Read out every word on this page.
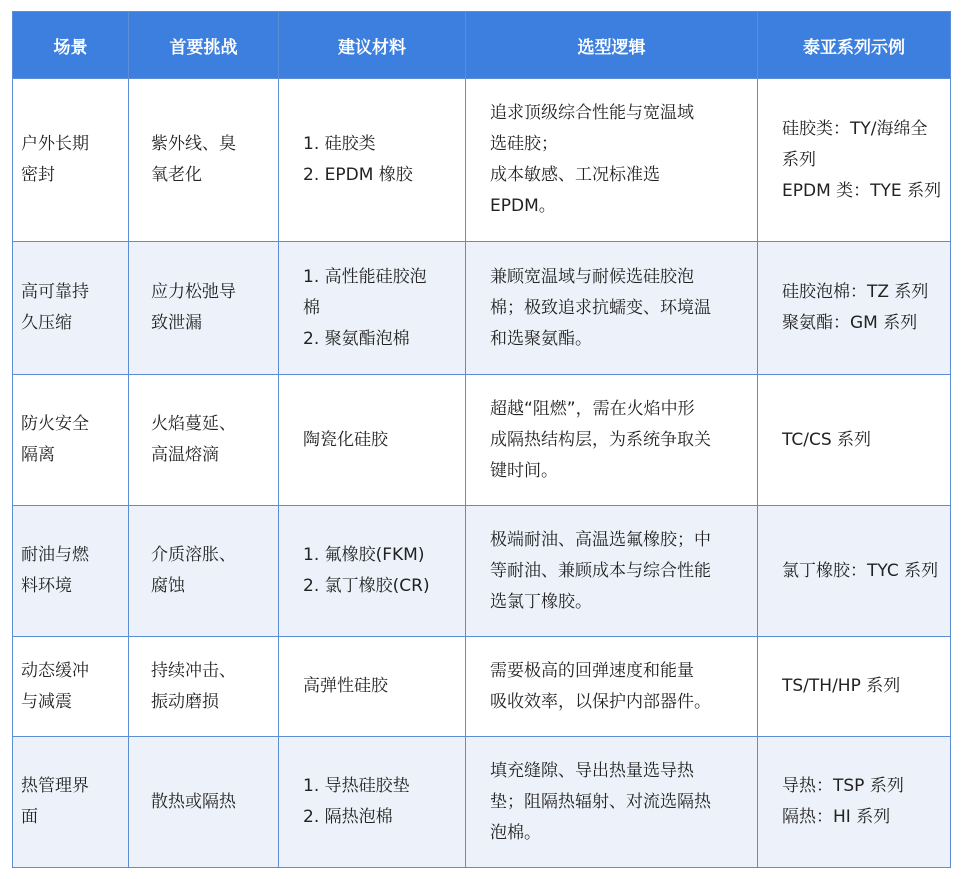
场景	首要挑战	建议材料	选型逻辑	泰亚系列示例

户外长期
密封	紫外线、臭
氧老化	1. 硅胶类
2. EPDM 橡胶	追求顶级综合性能与宽温域
选硅胶；
成本敏感、工况标准选
EPDM。	硅胶类：TY/海绵全
系列
EPDM 类：TYE 系列

高可靠持
久压缩	应力松弛导
致泄漏	1. 高性能硅胶泡
棉
2. 聚氨酯泡棉	兼顾宽温域与耐候选硅胶泡
棉；极致追求抗蠕变、环境温
和选聚氨酯。	硅胶泡棉：TZ 系列
聚氨酯：GM 系列

防火安全
隔离	火焰蔓延、
高温熔滴	陶瓷化硅胶	超越“阻燃”，需在火焰中形
成隔热结构层，为系统争取关
键时间。	TC/CS 系列

耐油与燃
料环境	介质溶胀、
腐蚀	1. 氟橡胶(FKM)
2. 氯丁橡胶(CR)	极端耐油、高温选氟橡胶；中
等耐油、兼顾成本与综合性能
选氯丁橡胶。	氯丁橡胶：TYC 系列

动态缓冲
与减震	持续冲击、
振动磨损	高弹性硅胶	需要极高的回弹速度和能量
吸收效率，以保护内部器件。	TS/TH/HP 系列

热管理界
面	散热或隔热	1. 导热硅胶垫
2. 隔热泡棉	填充缝隙、导出热量选导热
垫；阻隔热辐射、对流选隔热
泡棉。	导热：TSP 系列
隔热：HI 系列
